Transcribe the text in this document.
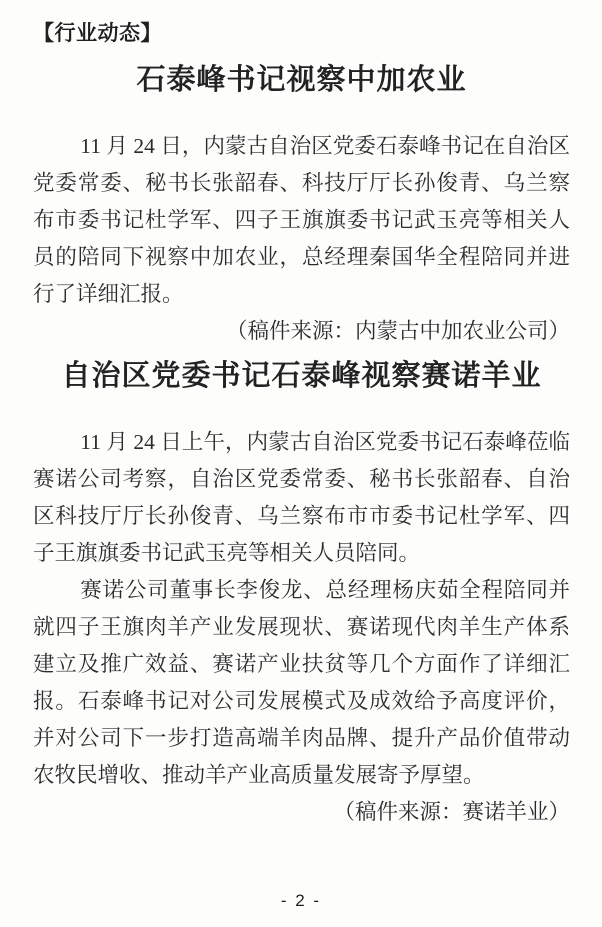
【行业动态】
石泰峰书记视察中加农业

11 月 24 日，内蒙古自治区党委石泰峰书记在自治区党委常委、秘书长张韶春、科技厅厅长孙俊青、乌兰察布市委书记杜学军、四子王旗旗委书记武玉亮等相关人员的陪同下视察中加农业，总经理秦国华全程陪同并进行了详细汇报。

（稿件来源：内蒙古中加农业公司）

自治区党委书记石泰峰视察赛诺羊业

11 月 24 日上午，内蒙古自治区党委书记石泰峰莅临赛诺公司考察，自治区党委常委、秘书长张韶春、自治区科技厅厅长孙俊青、乌兰察布市市委书记杜学军、四子王旗旗委书记武玉亮等相关人员陪同。

赛诺公司董事长李俊龙、总经理杨庆茹全程陪同并就四子王旗肉羊产业发展现状、赛诺现代肉羊生产体系建立及推广效益、赛诺产业扶贫等几个方面作了详细汇报。石泰峰书记对公司发展模式及成效给予高度评价，并对公司下一步打造高端羊肉品牌、提升产品价值带动农牧民增收、推动羊产业高质量发展寄予厚望。

（稿件来源：赛诺羊业）

- 2 -
